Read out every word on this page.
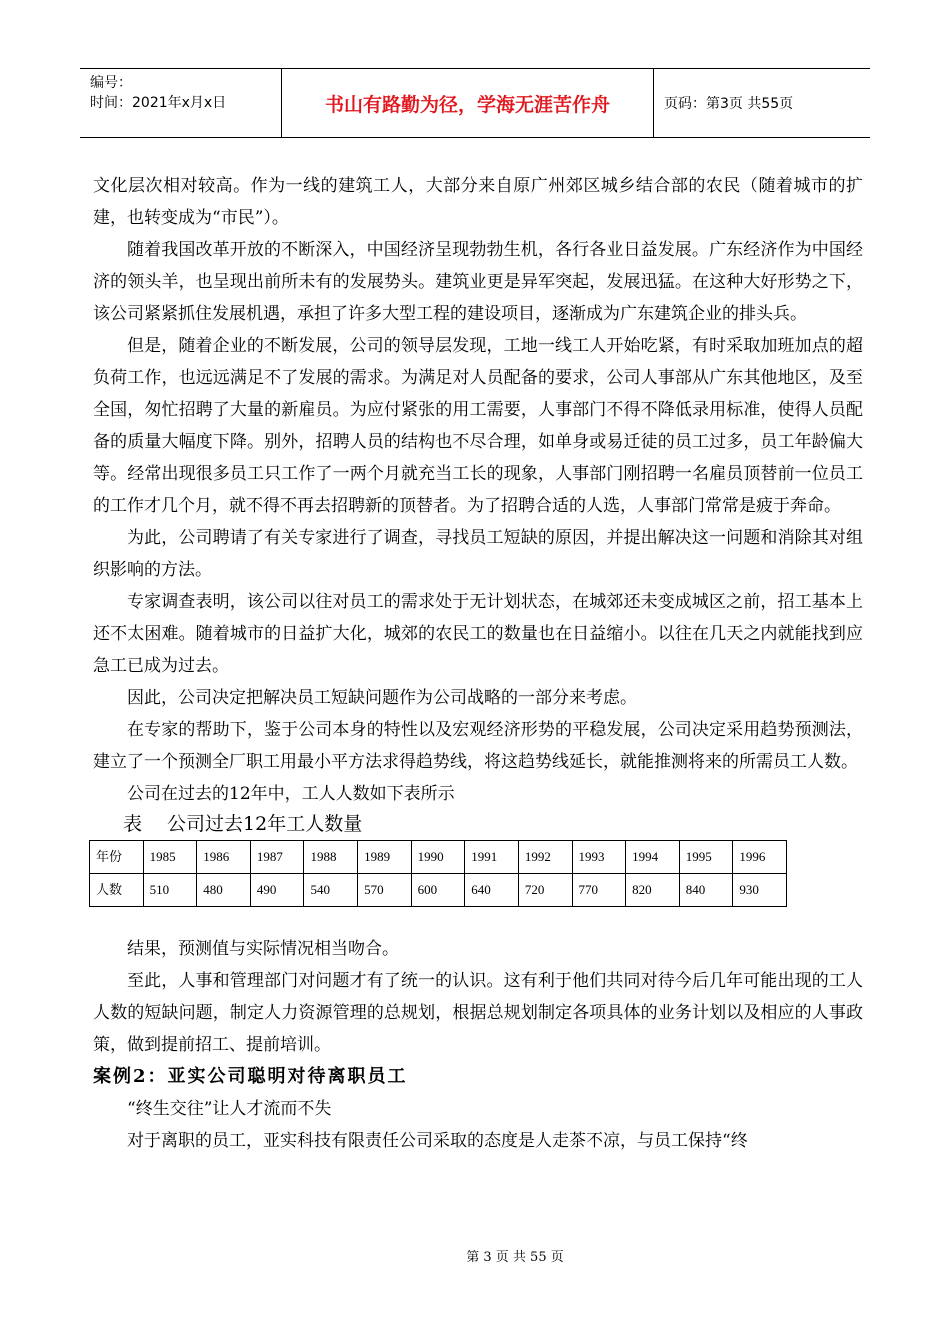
编号：
时间：2021年x月x日	书山有路勤为径，学海无涯苦作舟	页码：第3页 共55页

文化层次相对较高。作为一线的建筑工人，大部分来自原广州郊区城乡结合部的农民（随着城市的扩建，也转变成为“市民”）。

随着我国改革开放的不断深入，中国经济呈现勃勃生机，各行各业日益发展。广东经济作为中国经济的领头羊，也呈现出前所未有的发展势头。建筑业更是异军突起，发展迅猛。在这种大好形势之下，该公司紧紧抓住发展机遇，承担了许多大型工程的建设项目，逐渐成为广东建筑企业的排头兵。

但是，随着企业的不断发展，公司的领导层发现，工地一线工人开始吃紧，有时采取加班加点的超负荷工作，也远远满足不了发展的需求。为满足对人员配备的要求，公司人事部从广东其他地区，及至全国，匆忙招聘了大量的新雇员。为应付紧张的用工需要，人事部门不得不降低录用标准，使得人员配备的质量大幅度下降。别外，招聘人员的结构也不尽合理，如单身或易迁徒的员工过多，员工年龄偏大等。经常出现很多员工只工作了一两个月就充当工长的现象，人事部门刚招聘一名雇员顶替前一位员工的工作才几个月，就不得不再去招聘新的顶替者。为了招聘合适的人选，人事部门常常是疲于奔命。

为此，公司聘请了有关专家进行了调查，寻找员工短缺的原因，并提出解决这一问题和消除其对组织影响的方法。

专家调查表明，该公司以往对员工的需求处于无计划状态，在城郊还未变成城区之前，招工基本上还不太困难。随着城市的日益扩大化，城郊的农民工的数量也在日益缩小。以往在几天之内就能找到应急工已成为过去。

因此，公司决定把解决员工短缺问题作为公司战略的一部分来考虑。

在专家的帮助下，鉴于公司本身的特性以及宏观经济形势的平稳发展，公司决定采用趋势预测法，建立了一个预测全厂职工用最小平方法求得趋势线，将这趋势线延长，就能推测将来的所需员工人数。

公司在过去的12年中，工人人数如下表所示

表　 公司过去12年工人数量

年份	1985	1986	1987	1988	1989	1990	1991	1992	1993	1994	1995	1996
人数	510	480	490	540	570	600	640	720	770	820	840	930

结果，预测值与实际情况相当吻合。

至此，人事和管理部门对问题才有了统一的认识。这有利于他们共同对待今后几年可能出现的工人人数的短缺问题，制定人力资源管理的总规划，根据总规划制定各项具体的业务计划以及相应的人事政策，做到提前招工、提前培训。

案例2：亚实公司聪明对待离职员工

“终生交往”让人才流而不失

对于离职的员工，亚实科技有限责任公司采取的态度是人走茶不凉，与员工保持“终

第 3 页 共 55 页
